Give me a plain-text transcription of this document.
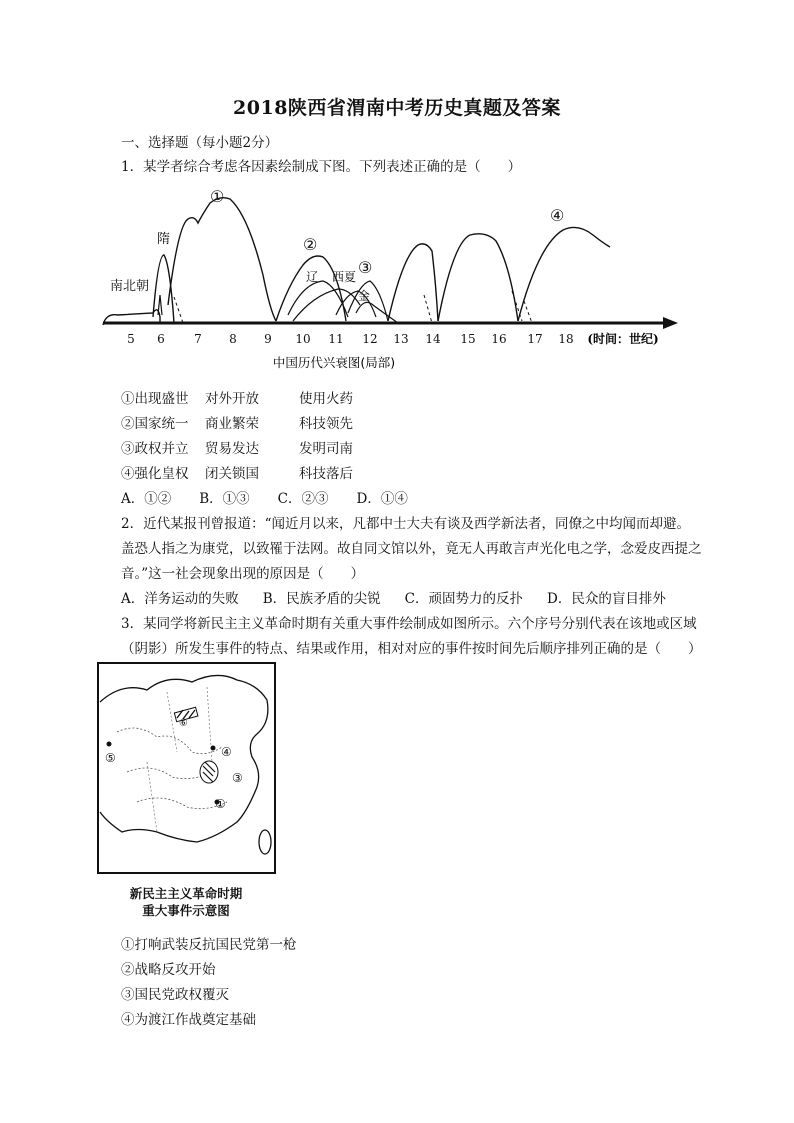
2018陕西省渭南中考历史真题及答案
一、选择题（每小题2分）
1．某学者综合考虑各因素绘制成下图。下列表述正确的是（　　）
5 6 7 8 9 10 11 12 13 14 15 16 17 18 (时间：世纪)
南北朝
隋
①
②
辽 西夏 ③
金
④
中国历代兴衰图(局部)
①出现盛世 对外开放	使用火药
②国家统一 商业繁荣	科技领先
③政权并立 贸易发达	发明司南
④强化皇权 闭关锁国	科技落后
A．①② B．①③ C．②③ D．①④
2．近代某报刊曾报道：“闻近月以来，凡都中士大夫有谈及西学新法者，同僚之中均闻而却避。
盖恐人指之为康党，以致罹于法网。故自同文馆以外，竟无人再敢言声光化电之学，念爱皮西提之
音。”这一社会现象出现的原因是（　　）
A．洋务运动的失败 B．民族矛盾的尖锐 C．顽固势力的反扑 D．民众的盲目排外
3．某同学将新民主主义革命时期有关重大事件绘制成如图所示。六个序号分别代表在该地或区域
（阴影）所发生事件的特点、结果或作用，相对对应的事件按时间先后顺序排列正确的是（　　）
⑤
⑥
④
③
①
新民主主义革命时期
重大事件示意图
①打响武装反抗国民党第一枪
②战略反攻开始
③国民党政权覆灭
④为渡江作战奠定基础
